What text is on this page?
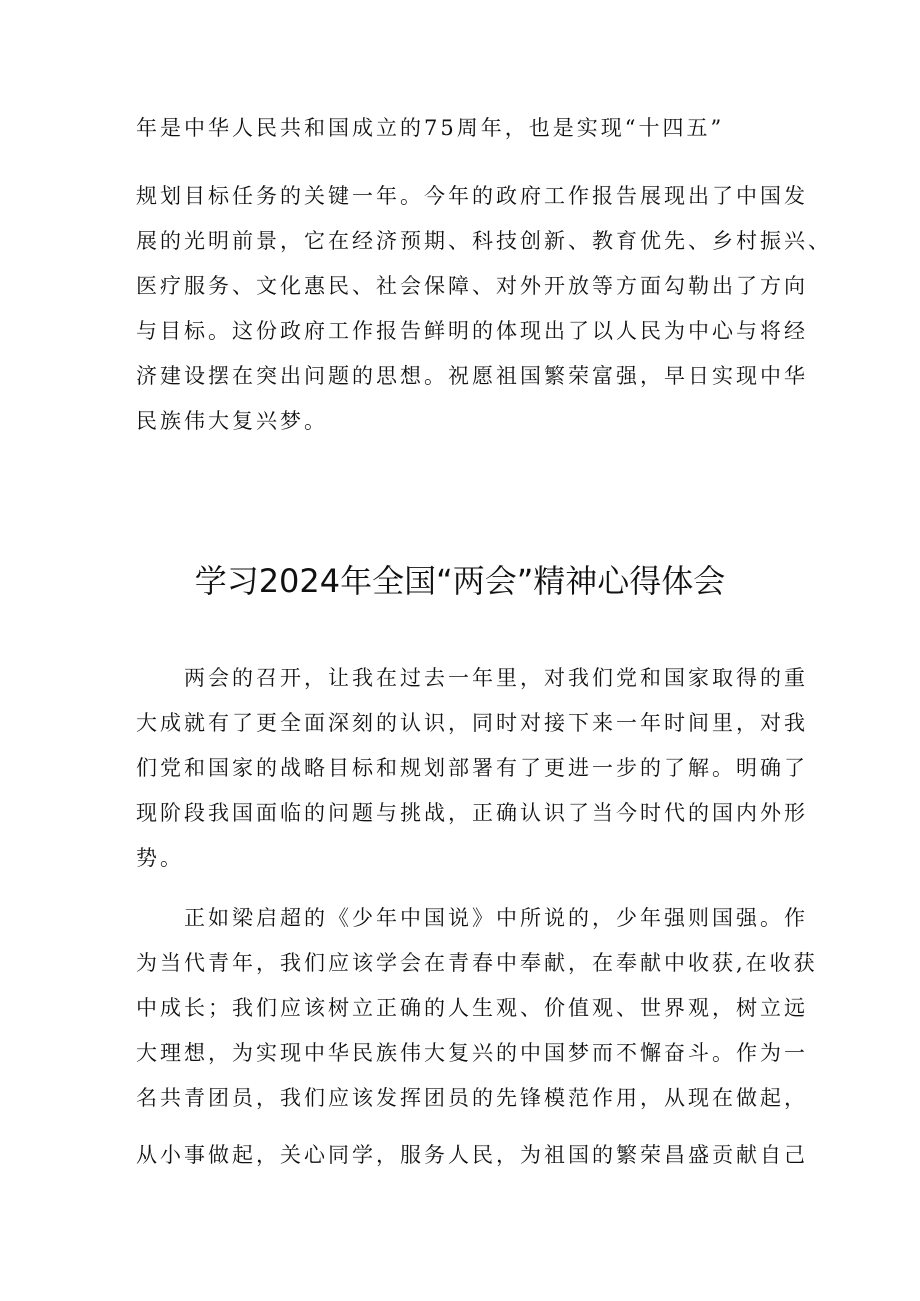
年是中华人民共和国成立的75周年，也是实现“十四五”
规划目标任务的关键一年。今年的政府工作报告展现出了中国发
展的光明前景，它在经济预期、科技创新、教育优先、乡村振兴、
医疗服务、文化惠民、社会保障、对外开放等方面勾勒出了方向
与目标。这份政府工作报告鲜明的体现出了以人民为中心与将经
济建设摆在突出问题的思想。祝愿祖国繁荣富强，早日实现中华
民族伟大复兴梦。
学习2024年全国“两会”精神心得体会
两会的召开，让我在过去一年里，对我们党和国家取得的重
大成就有了更全面深刻的认识，同时对接下来一年时间里，对我
们党和国家的战略目标和规划部署有了更进一步的了解。明确了
现阶段我国面临的问题与挑战，正确认识了当今时代的国内外形
势。
正如梁启超的《少年中国说》中所说的，少年强则国强。作
为当代青年，我们应该学会在青春中奉献，在奉献中收获,在收获
中成长；我们应该树立正确的人生观、价值观、世界观，树立远
大理想，为实现中华民族伟大复兴的中国梦而不懈奋斗。作为一
名共青团员，我们应该发挥团员的先锋模范作用，从现在做起，
从小事做起，关心同学，服务人民，为祖国的繁荣昌盛贡献自己
